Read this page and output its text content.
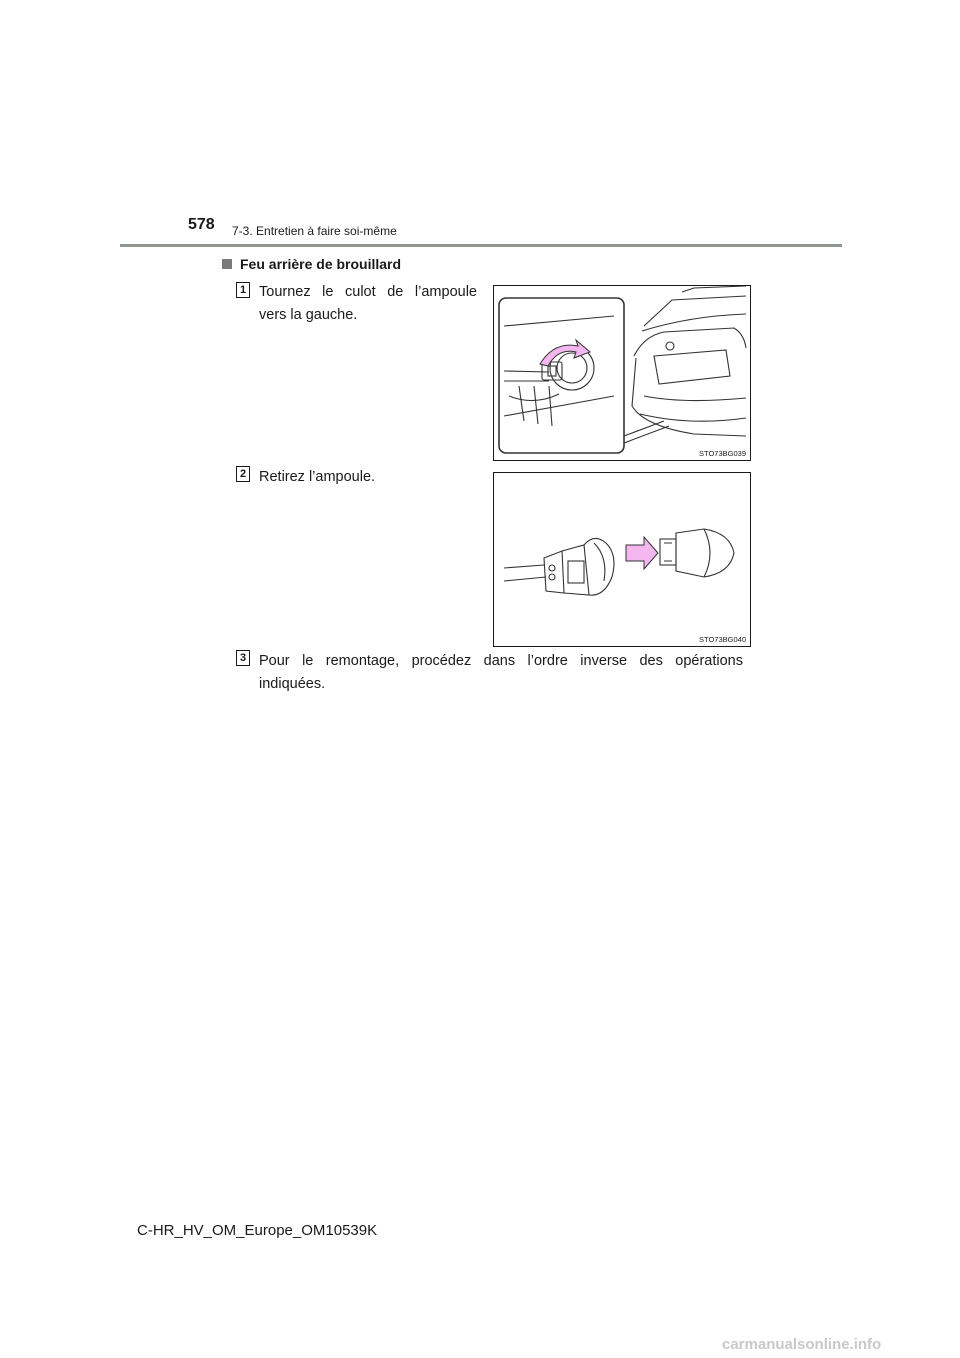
578 7-3. Entretien à faire soi-même
Feu arrière de brouillard
1 Tournez le culot de l’ampoule
vers la gauche.
STO73BG039
2 Retirez l’ampoule.
STO73BG040
3 Pour le remontage, procédez dans l’ordre inverse des opérations
indiquées.
C-HR_HV_OM_Europe_OM10539K
carmanualsonline.info
